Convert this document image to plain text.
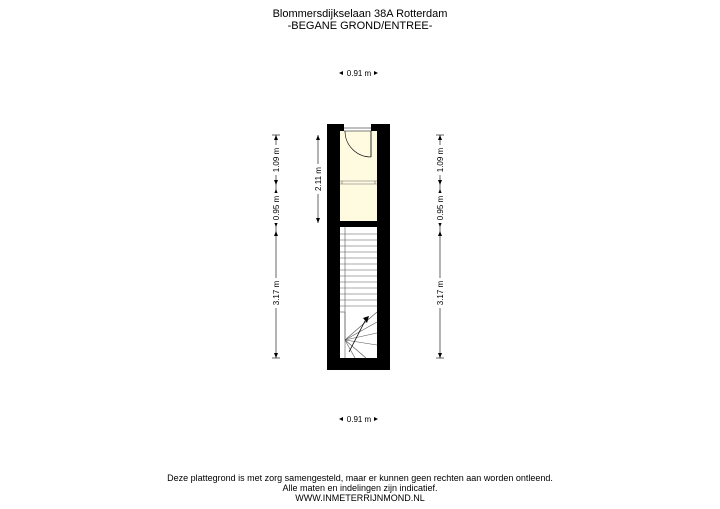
Blommersdijkselaan 38A Rotterdam
-BEGANE GROND/ENTREE-
0.91 m
1.09 m
0.95 m
3.17 m
2.11 m
1.09 m
0.95 m
3.17 m
0.91 m
Deze plattegrond is met zorg samengesteld, maar er kunnen geen rechten aan worden ontleend.
Alle maten en indelingen zijn indicatief.
WWW.INMETERRIJNMOND.NL
